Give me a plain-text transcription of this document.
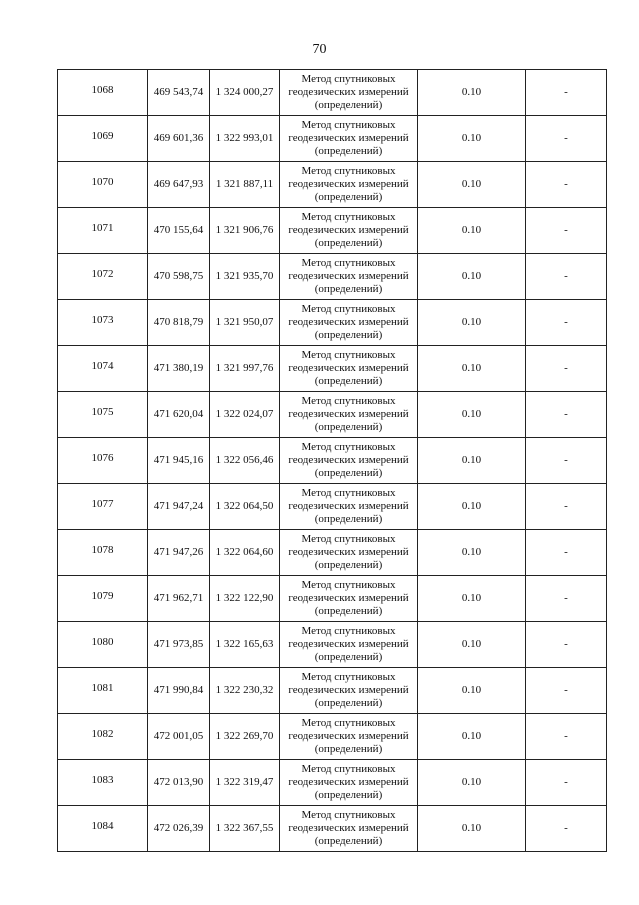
70
1068	469 543,74	1 324 000,27	Метод спутниковых
геодезических измерений
(определений)	0.10	-
1069	469 601,36	1 322 993,01	Метод спутниковых
геодезических измерений
(определений)	0.10	-
1070	469 647,93	1 321 887,11	Метод спутниковых
геодезических измерений
(определений)	0.10	-
1071	470 155,64	1 321 906,76	Метод спутниковых
геодезических измерений
(определений)	0.10	-
1072	470 598,75	1 321 935,70	Метод спутниковых
геодезических измерений
(определений)	0.10	-
1073	470 818,79	1 321 950,07	Метод спутниковых
геодезических измерений
(определений)	0.10	-
1074	471 380,19	1 321 997,76	Метод спутниковых
геодезических измерений
(определений)	0.10	-
1075	471 620,04	1 322 024,07	Метод спутниковых
геодезических измерений
(определений)	0.10	-
1076	471 945,16	1 322 056,46	Метод спутниковых
геодезических измерений
(определений)	0.10	-
1077	471 947,24	1 322 064,50	Метод спутниковых
геодезических измерений
(определений)	0.10	-
1078	471 947,26	1 322 064,60	Метод спутниковых
геодезических измерений
(определений)	0.10	-
1079	471 962,71	1 322 122,90	Метод спутниковых
геодезических измерений
(определений)	0.10	-
1080	471 973,85	1 322 165,63	Метод спутниковых
геодезических измерений
(определений)	0.10	-
1081	471 990,84	1 322 230,32	Метод спутниковых
геодезических измерений
(определений)	0.10	-
1082	472 001,05	1 322 269,70	Метод спутниковых
геодезических измерений
(определений)	0.10	-
1083	472 013,90	1 322 319,47	Метод спутниковых
геодезических измерений
(определений)	0.10	-
1084	472 026,39	1 322 367,55	Метод спутниковых
геодезических измерений
(определений)	0.10	-
